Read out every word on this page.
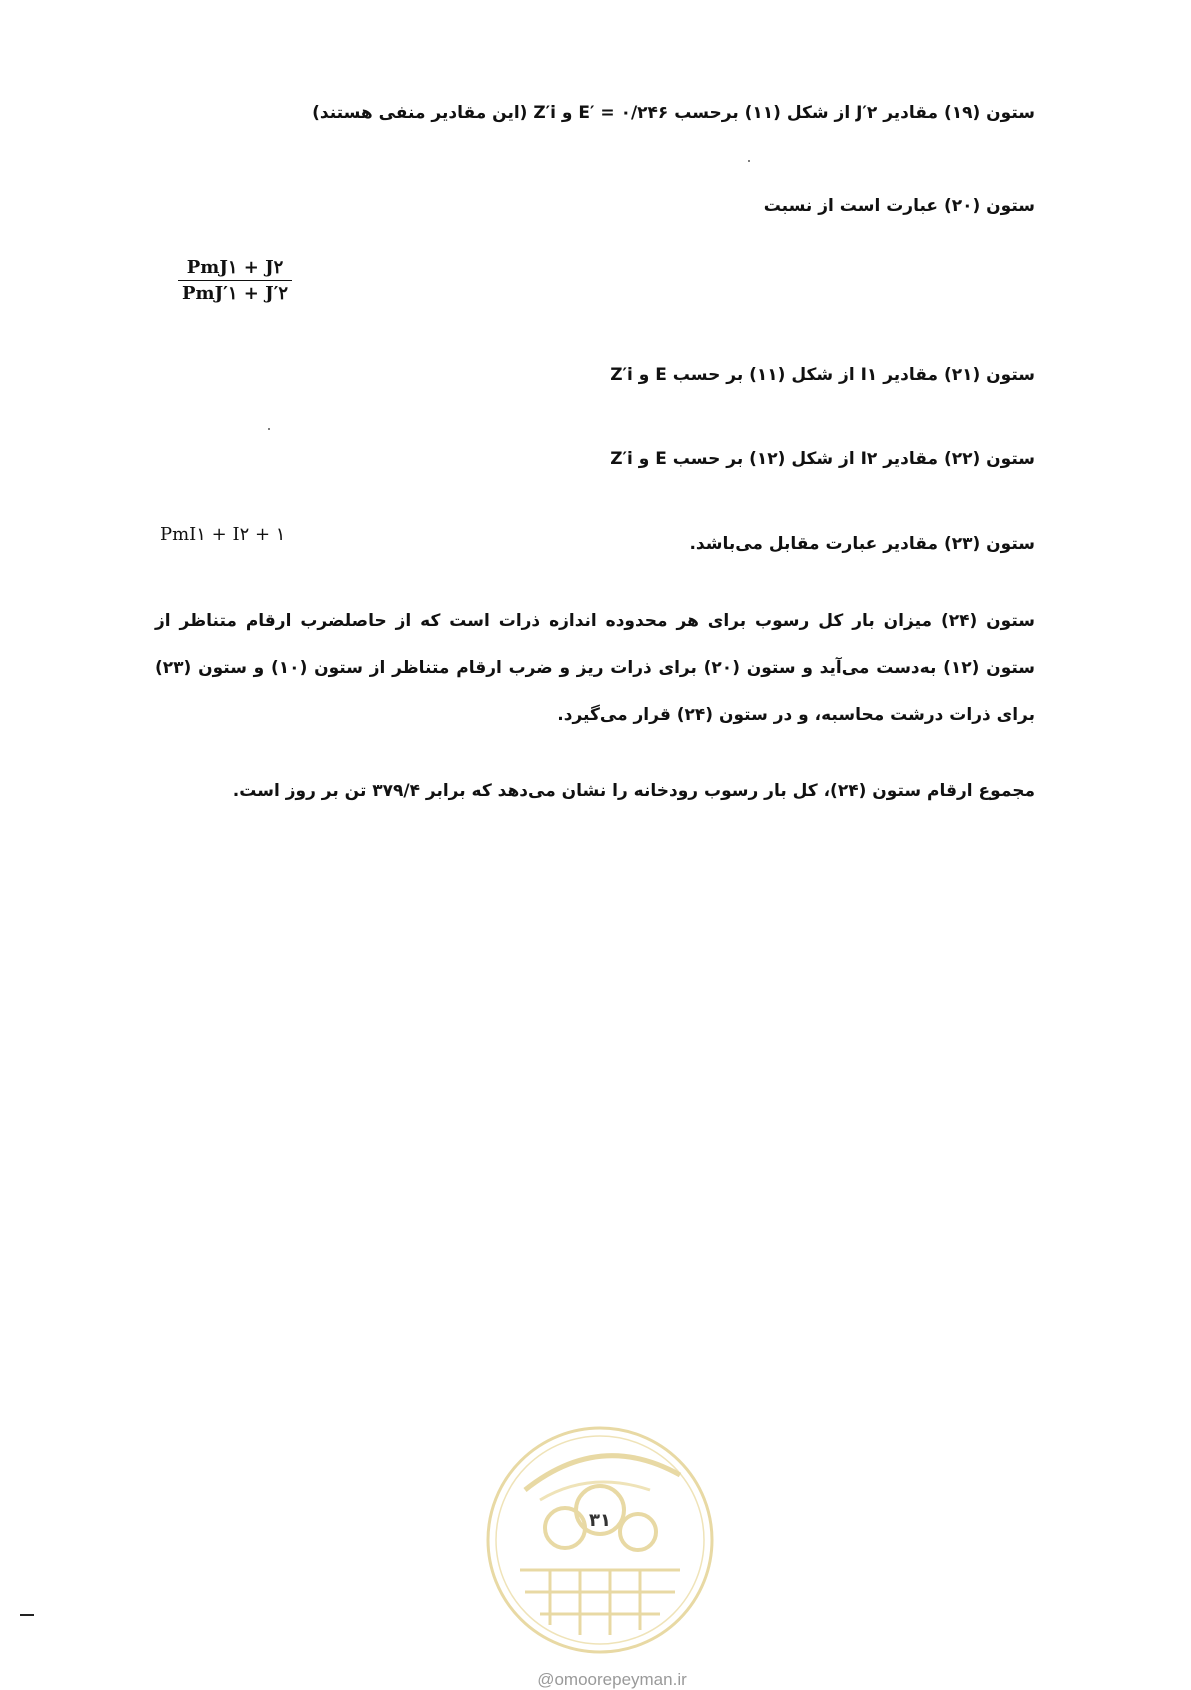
ستون (۱۹) مقادیر J′۲ از شکل (۱۱) برحسب E′ = ۰/۲۴۶ و Z′i (این مقادیر منفی هستند)
ستون (۲۰) عبارت است از نسبت
$\frac{\text{PmJ۱ + J۲}}{\text{PmJ′۱ + J′۲}}$
ستون (۲۱) مقادیر I۱ از شکل (۱۱) بر حسب E و Z′i
ستون (۲۲) مقادیر I۲ از شکل (۱۲) بر حسب E و Z′i
ستون (۲۳) مقادیر عبارت مقابل می‌باشد.
PmI۱ + I۲ + ۱
ستون (۲۴) میزان بار کل رسوب برای هر محدوده اندازه ذرات است که از حاصلضرب ارقام متناظر از ستون (۱۲) به‌دست می‌آید و ستون (۲۰) برای ذرات ریز و ضرب ارقام متناظر از ستون (۱۰) و ستون (۲۳) برای ذرات درشت محاسبه، و در ستون (۲۴) قرار می‌گیرد.
مجموع ارقام ستون (۲۴)، کل بار رسوب رودخانه را نشان می‌دهد که برابر ۳۷۹/۴ تن بر روز است.
۳۱
@omoorepeyman.ir
